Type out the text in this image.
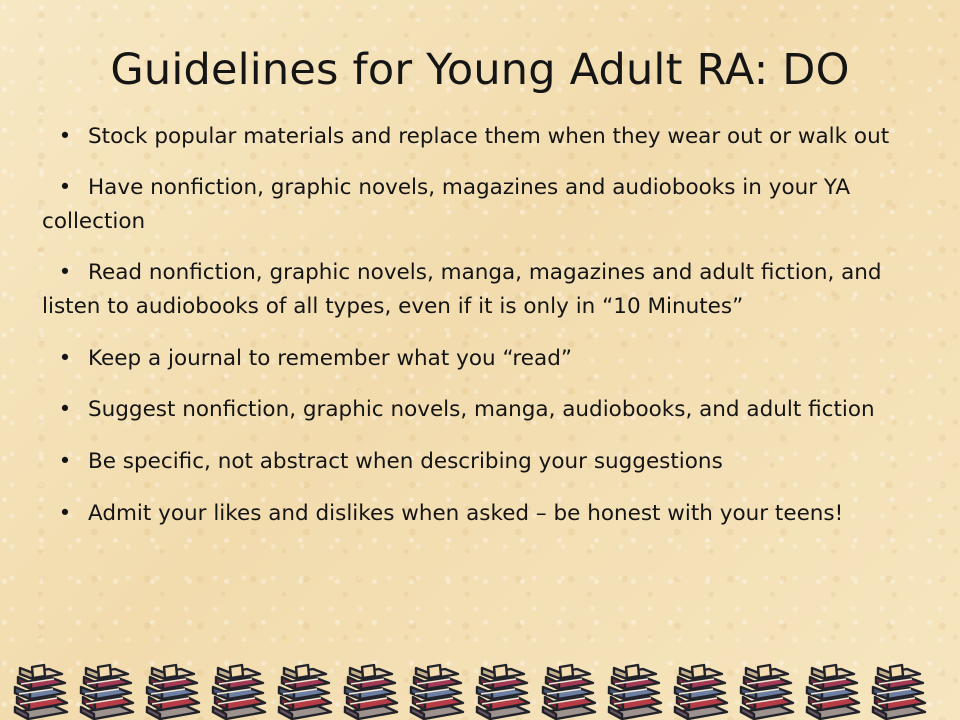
Guidelines for Young Adult RA: DO
• Stock popular materials and replace them when they wear out or walk out
• Have nonfiction, graphic novels, magazines and audiobooks in your YA collection
• Read nonfiction, graphic novels, manga, magazines and adult fiction, and listen to audiobooks of all types, even if it is only in “10 Minutes”
• Keep a journal to remember what you “read”
• Suggest nonfiction, graphic novels, manga, audiobooks, and adult fiction
• Be specific, not abstract when describing your suggestions
• Admit your likes and dislikes when asked – be honest with your teens!
